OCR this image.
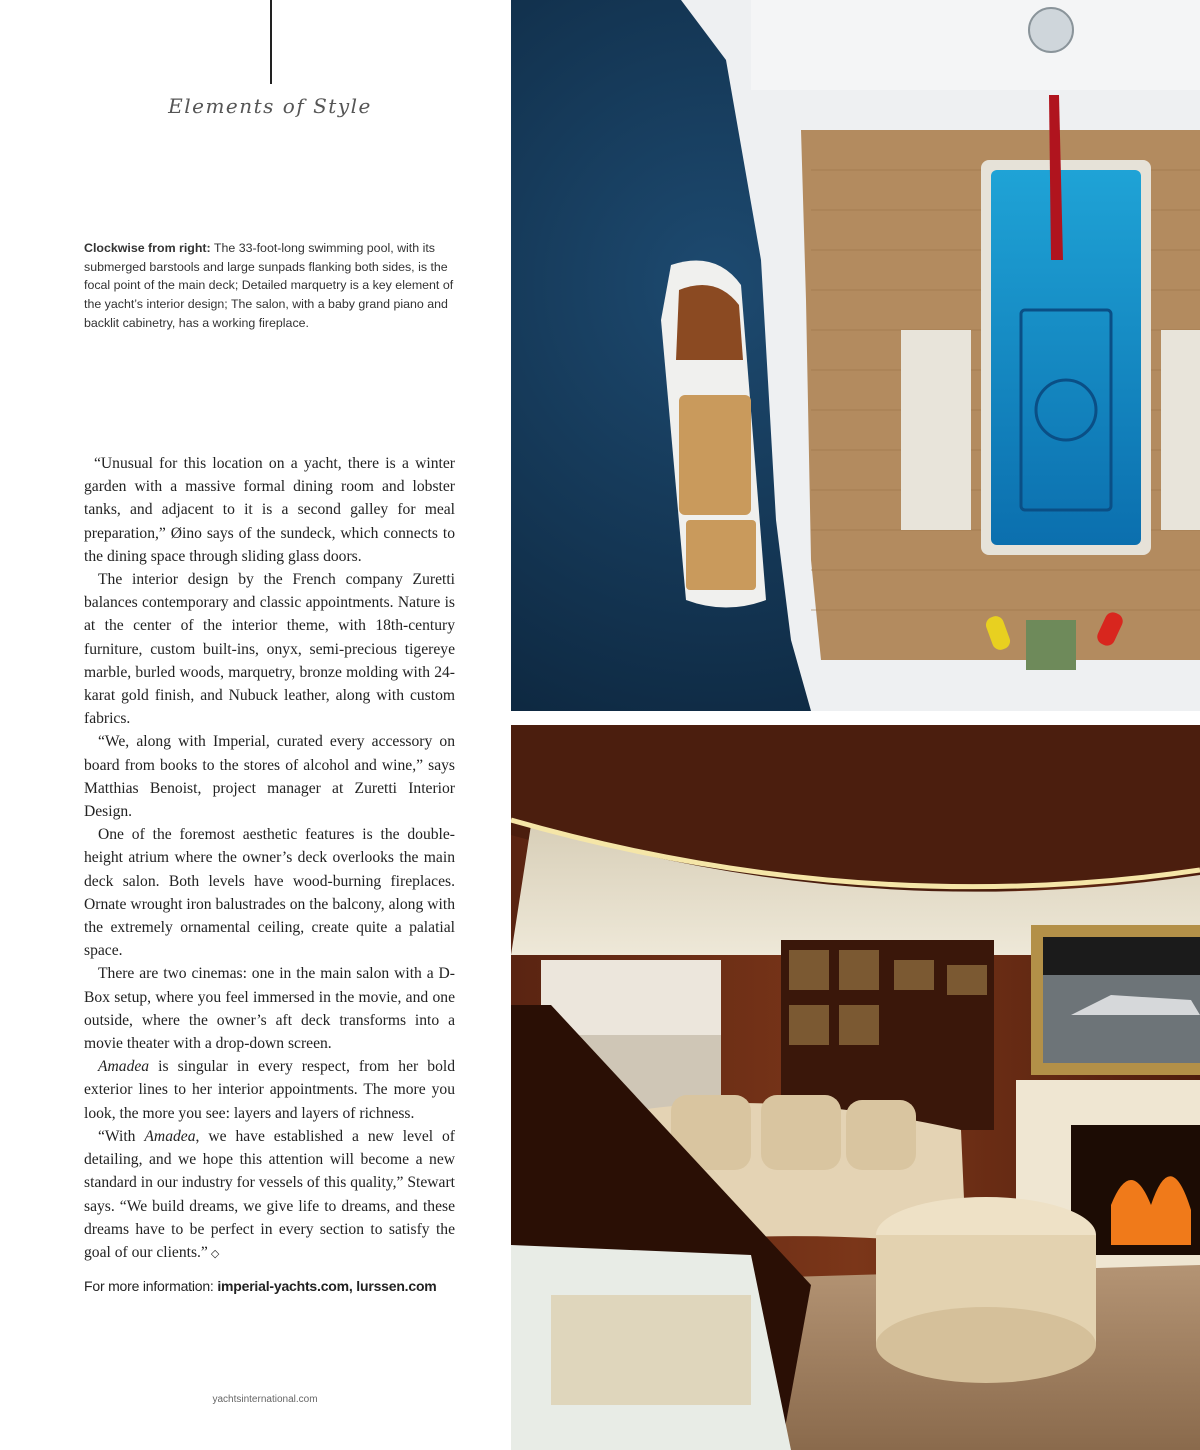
Elements of Style
Clockwise from right: The 33-foot-long swimming pool, with its submerged barstools and large sunpads flanking both sides, is the focal point of the main deck; Detailed marquetry is a key element of the yacht’s interior design; The salon, with a baby grand piano and backlit cabinetry, has a working fireplace.

“Unusual for this location on a yacht, there is a winter garden with a massive formal dining room and lobster tanks, and adjacent to it is a second galley for meal preparation,” Øino says of the sundeck, which connects to the dining space through sliding glass doors.

The interior design by the French company Zuretti balances contemporary and classic appointments. Nature is at the center of the interior theme, with 18th-century furniture, custom built-ins, onyx, semi-precious tigereye marble, burled woods, marquetry, bronze molding with 24-karat gold finish, and Nubuck leather, along with custom fabrics.

“We, along with Imperial, curated every accessory on board from books to the stores of alcohol and wine,” says Matthias Benoist, project manager at Zuretti Interior Design.

One of the foremost aesthetic features is the double-height atrium where the owner’s deck overlooks the main deck salon. Both levels have wood-burning fireplaces. Ornate wrought iron balustrades on the balcony, along with the extremely ornamental ceiling, create quite a palatial space.

There are two cinemas: one in the main salon with a D-Box setup, where you feel immersed in the movie, and one outside, where the owner’s aft deck transforms into a movie theater with a drop-down screen.

Amadea is singular in every respect, from her bold exterior lines to her interior appointments. The more you look, the more you see: layers and layers of richness.

“With Amadea, we have established a new level of detailing, and we hope this attention will become a new standard in our industry for vessels of this quality,” Stewart says. “We build dreams, we give life to dreams, and these dreams have to be perfect in every section to satisfy the goal of our clients.” ◇

For more information: imperial-yachts.com, lurssen.com
yachtsinternational.com
